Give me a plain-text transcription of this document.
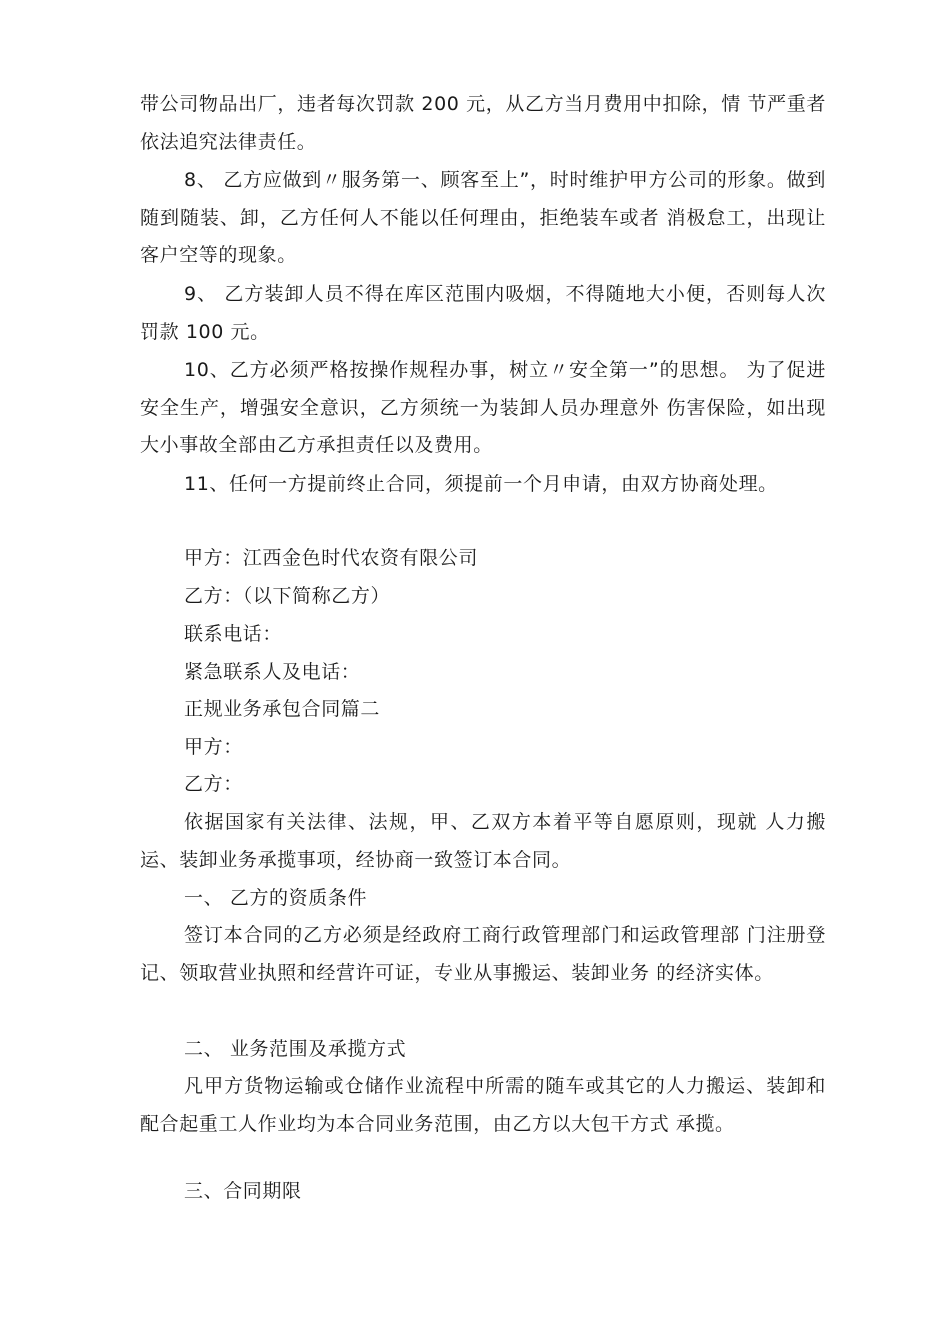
带公司物品出厂，违者每次罚款 200 元，从乙方当月费用中扣除，情 节严重者依法追究法律责任。

8、 乙方应做到〃服务第一、顾客至上”，时时维护甲方公司的形象。做到随到随装、卸，乙方任何人不能以任何理由，拒绝装车或者 消极怠工，出现让客户空等的现象。

9、 乙方装卸人员不得在库区范围内吸烟，不得随地大小便，否则每人次罚款 100 元。

10、乙方必须严格按操作规程办事，树立〃安全第一”的思想。 为了促进安全生产，增强安全意识，乙方须统一为装卸人员办理意外 伤害保险，如出现大小事故全部由乙方承担责任以及费用。

11、任何一方提前终止合同，须提前一个月申请，由双方协商处理。

甲方：江西金色时代农资有限公司

乙方：（以下简称乙方）

联系电话：

紧急联系人及电话：

正规业务承包合同篇二

甲方：

乙方：

依据国家有关法律、法规，甲、乙双方本着平等自愿原则，现就 人力搬运、装卸业务承揽事项，经协商一致签订本合同。

一、 乙方的资质条件

签订本合同的乙方必须是经政府工商行政管理部门和运政管理部 门注册登记、领取营业执照和经营许可证，专业从事搬运、装卸业务 的经济实体。

二、 业务范围及承揽方式

凡甲方货物运输或仓储作业流程中所需的随车或其它的人力搬运、装卸和配合起重工人作业均为本合同业务范围，由乙方以大包干方式 承揽。

三、合同期限
